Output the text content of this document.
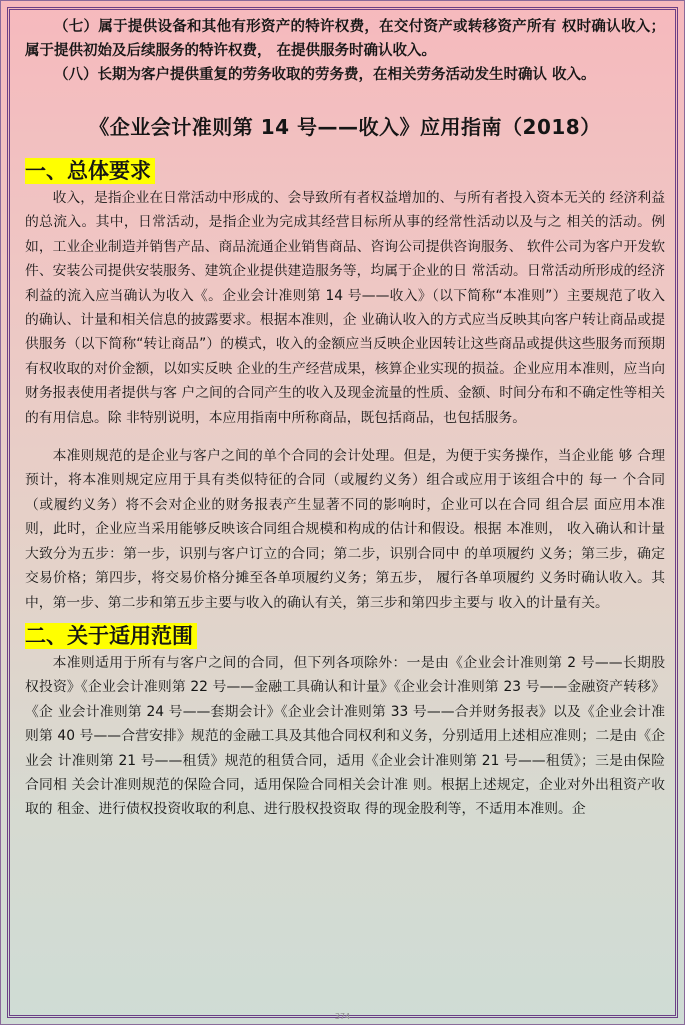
（七）属于提供设备和其他有形资产的特许权费，在交付资产或转移资产所有 权时确认收入；属于提供初始及后续服务的特许权费， 在提供服务时确认收入。

（八）长期为客户提供重复的劳务收取的劳务费，在相关劳务活动发生时确认 收入。

《企业会计准则第 14 号——收入》应用指南（2018）
一、总体要求

收入，是指企业在日常活动中形成的、会导致所有者权益增加的、与所有者投入资本无关的 经济利益的总流入。其中，日常活动，是指企业为完成其经营目标所从事的经常性活动以及与之 相关的活动。例如，工业企业制造并销售产品、商品流通企业销售商品、咨询公司提供咨询服务、 软件公司为客户开发软件、安装公司提供安装服务、建筑企业提供建造服务等，均属于企业的日 常活动。日常活动所形成的经济利益的流入应当确认为收入《。企业会计准则第 14 号——收入》（以下简称“本准则”）主要规范了收入的确认、计量和相关信息的披露要求。根据本准则，企 业确认收入的方式应当反映其向客户转让商品或提供服务（以下简称“转让商品”）的模式，收入的金额应当反映企业因转让这些商品或提供这些服务而预期有权收取的对价金额，以如实反映 企业的生产经营成果，核算企业实现的损益。企业应用本准则，应当向财务报表使用者提供与客 户之间的合同产生的收入及现金流量的性质、金额、时间分布和不确定性等相关的有用信息。除 非特别说明，本应用指南中所称商品，既包括商品，也包括服务。

本准则规范的是企业与客户之间的单个合同的会计处理。但是，为便于实务操作，当企业能 够 合理预计，将本准则规定应用于具有类似特征的合同（或履约义务）组合或应用于该组合中的 每一 个合同（或履约义务）将不会对企业的财务报表产生显著不同的影响时，企业可以在合同 组合层 面应用本准则，此时，企业应当采用能够反映该合同组合规模和构成的估计和假设。根据 本准则， 收入确认和计量大致分为五步：第一步，识别与客户订立的合同；第二步，识别合同中 的单项履约 义务；第三步，确定交易价格；第四步，将交易价格分摊至各单项履约义务；第五步， 履行各单项履约 义务时确认收入。其中，第一步、第二步和第五步主要与收入的确认有关，第三步和第四步主要与 收入的计量有关。

二、关于适用范围

本准则适用于所有与客户之间的合同，但下列各项除外：一是由《企业会计准则第 2 号——长期股 权投资》《企业会计准则第 22 号——金融工具确认和计量》《企业会计准则第 23 号——金融资产转移》《企 业会计准则第 24 号——套期会计》《企业会计准则第 33 号——合并财务报表》以及《企业会计准则第 40 号——合营安排》规范的金融工具及其他合同权利和义务，分别适用上述相应准则；二是由《企业会 计准则第 21 号——租赁》规范的租赁合同，适用《企业会计准则第 21 号——租赁》；三是由保险合同相 关会计准则规范的保险合同，适用保险合同相关会计准 则。根据上述规定，企业对外出租资产收取的 租金、进行债权投资收取的利息、进行股权投资取 得的现金股利等，不适用本准则。企

374
